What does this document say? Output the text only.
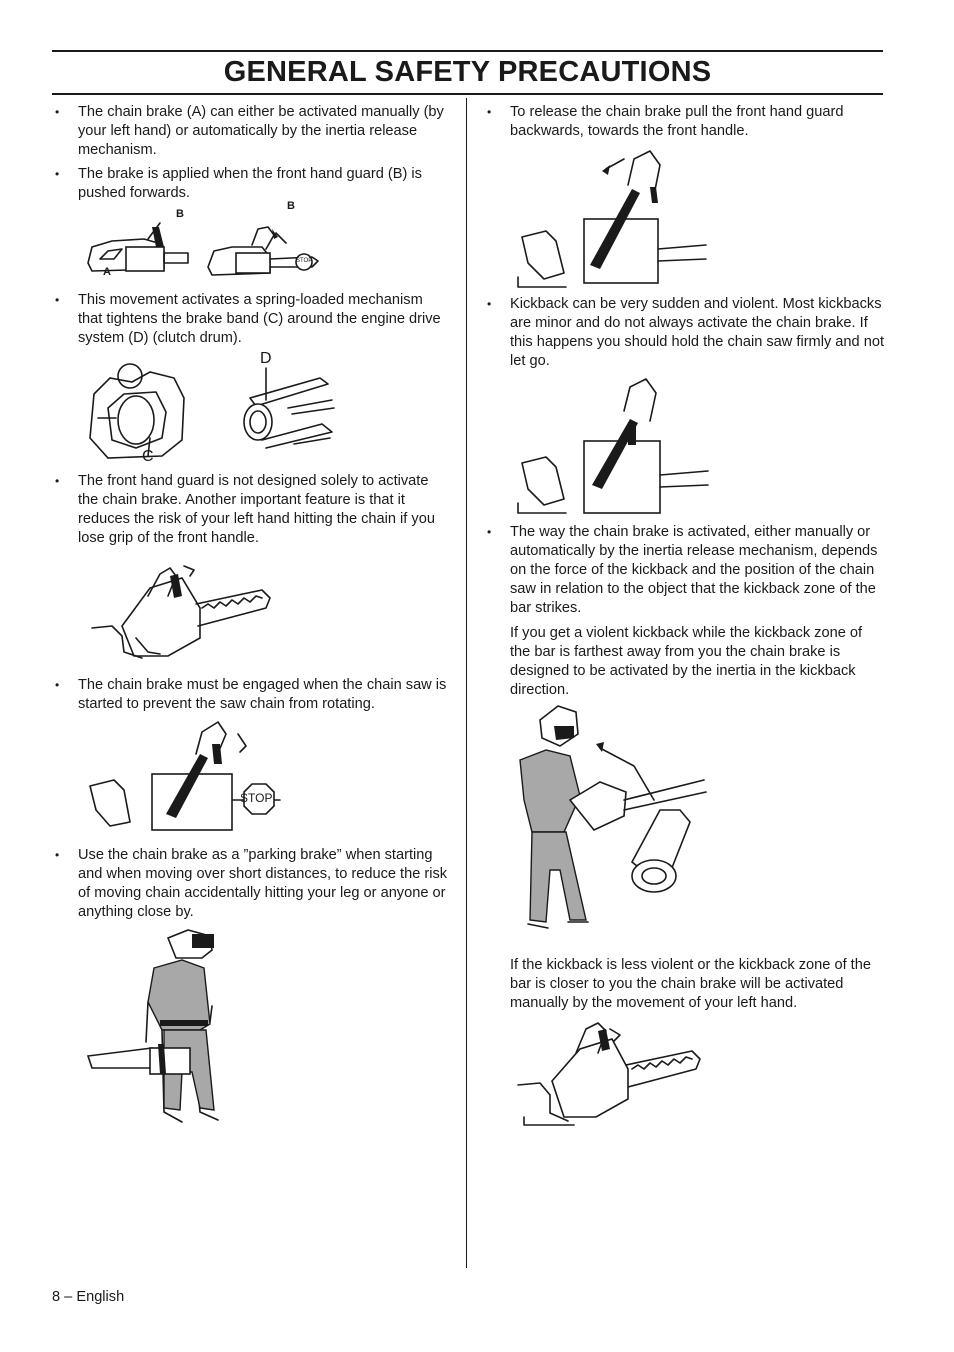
GENERAL SAFETY PRECAUTIONS

• The chain brake (A) can either be activated manually (by your left hand) or automatically by the inertia release mechanism.

• The brake is applied when the front hand guard (B) is pushed forwards.

B
B
A
STOP

• This movement activates a spring-loaded mechanism that tightens the brake band (C) around the engine drive system (D) (clutch drum).

C
D

• The front hand guard is not designed solely to activate the chain brake. Another important feature is that it reduces the risk of your left hand hitting the chain if you lose grip of the front handle.

• The chain brake must be engaged when the chain saw is started to prevent the saw chain from rotating.

STOP

• Use the chain brake as a ”parking brake” when starting and when moving over short distances, to reduce the risk of moving chain accidentally hitting your leg or anyone or anything close by.

• To release the chain brake pull the front hand guard backwards, towards the front handle.

• Kickback can be very sudden and violent. Most kickbacks are minor and do not always activate the chain brake. If this happens you should hold the chain saw firmly and not let go.

• The way the chain brake is activated, either manually or automatically by the inertia release mechanism, depends on the force of the kickback and the position of the chain saw in relation to the object that the kickback zone of the bar strikes.

If you get a violent kickback while the kickback zone of the bar is farthest away from you the chain brake is designed to be activated by the inertia in the kickback direction.

If the kickback is less violent or the kickback zone of the bar is closer to you the chain brake will be activated manually by the movement of your left hand.

8 – English
